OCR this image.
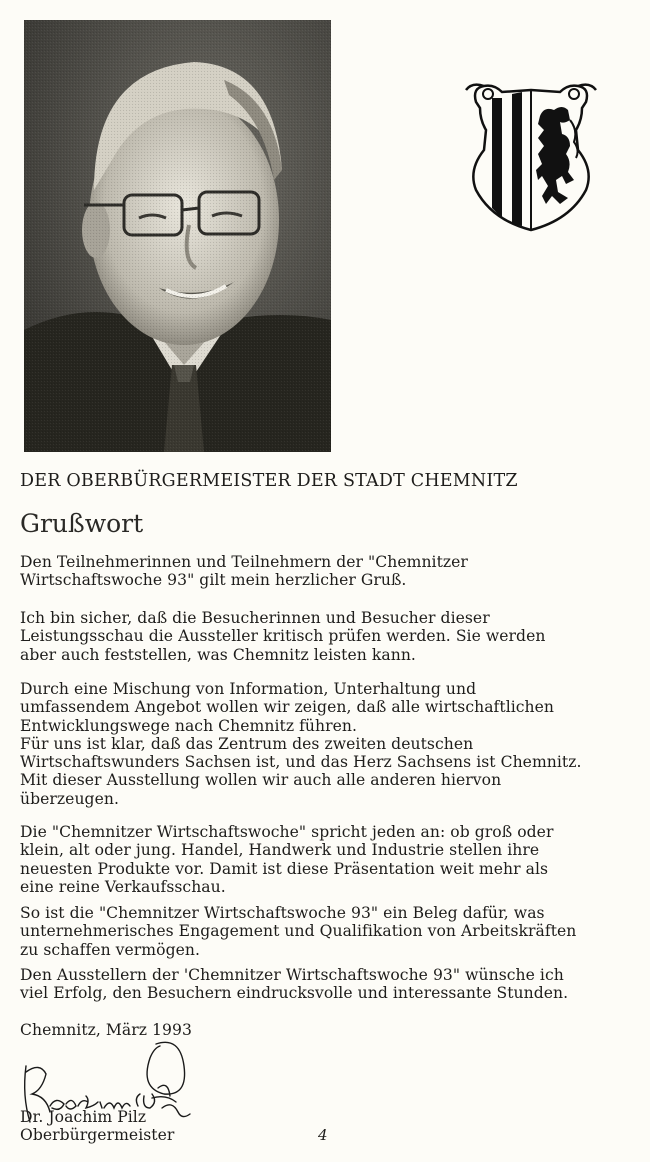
DER OBERBÜRGERMEISTER DER STADT CHEMNITZ
Grußwort
Den Teilnehmerinnen und Teilnehmern der "Chemnitzer
Wirtschaftswoche 93" gilt mein herzlicher Gruß.
Ich bin sicher, daß die Besucherinnen und Besucher dieser
Leistungsschau die Aussteller kritisch prüfen werden. Sie werden
aber auch feststellen, was Chemnitz leisten kann.
Durch eine Mischung von Information, Unterhaltung und
umfassendem Angebot wollen wir zeigen, daß alle wirtschaftlichen
Entwicklungswege nach Chemnitz führen.
Für uns ist klar, daß das Zentrum des zweiten deutschen
Wirtschaftswunders Sachsen ist, und das Herz Sachsens ist Chemnitz.
Mit dieser Ausstellung wollen wir auch alle anderen hiervon
überzeugen.
Die "Chemnitzer Wirtschaftswoche" spricht jeden an: ob groß oder
klein, alt oder jung. Handel, Handwerk und Industrie stellen ihre
neuesten Produkte vor. Damit ist diese Präsentation weit mehr als
eine reine Verkaufsschau.
So ist die "Chemnitzer Wirtschaftswoche 93" ein Beleg dafür, was
unternehmerisches Engagement und Qualifikation von Arbeitskräften
zu schaffen vermögen.
Den Ausstellern der 'Chemnitzer Wirtschaftswoche 93" wünsche ich
viel Erfolg, den Besuchern eindrucksvolle und interessante Stunden.
Chemnitz, März 1993
Dr. Joachim Pilz
Oberbürgermeister	4
